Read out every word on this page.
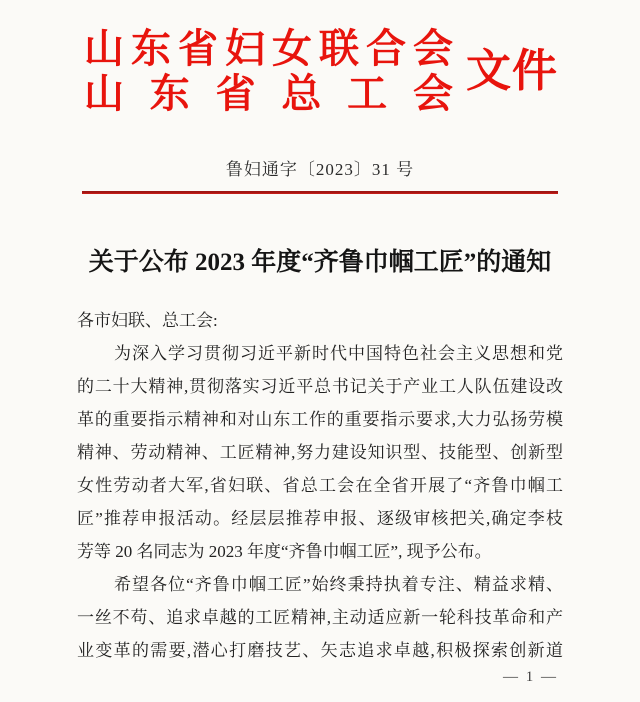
山东省妇女联合会
山东省总工会 文件
鲁妇通字〔2023〕31 号
关于公布 2023 年度“齐鲁巾帼工匠”的通知
各市妇联、总工会:
为深入学习贯彻习近平新时代中国特色社会主义思想和党
的二十大精神,贯彻落实习近平总书记关于产业工人队伍建设改
革的重要指示精神和对山东工作的重要指示要求,大力弘扬劳模
精神、劳动精神、工匠精神,努力建设知识型、技能型、创新型
女性劳动者大军,省妇联、省总工会在全省开展了“齐鲁巾帼工
匠”推荐申报活动。经层层推荐申报、逐级审核把关,确定李枝
芳等 20 名同志为 2023 年度“齐鲁巾帼工匠”, 现予公布。
希望各位“齐鲁巾帼工匠”始终秉持执着专注、精益求精、
一丝不苟、追求卓越的工匠精神,主动适应新一轮科技革命和产
业变革的需要,潜心打磨技艺、矢志追求卓越,积极探索创新道
— 1 —
